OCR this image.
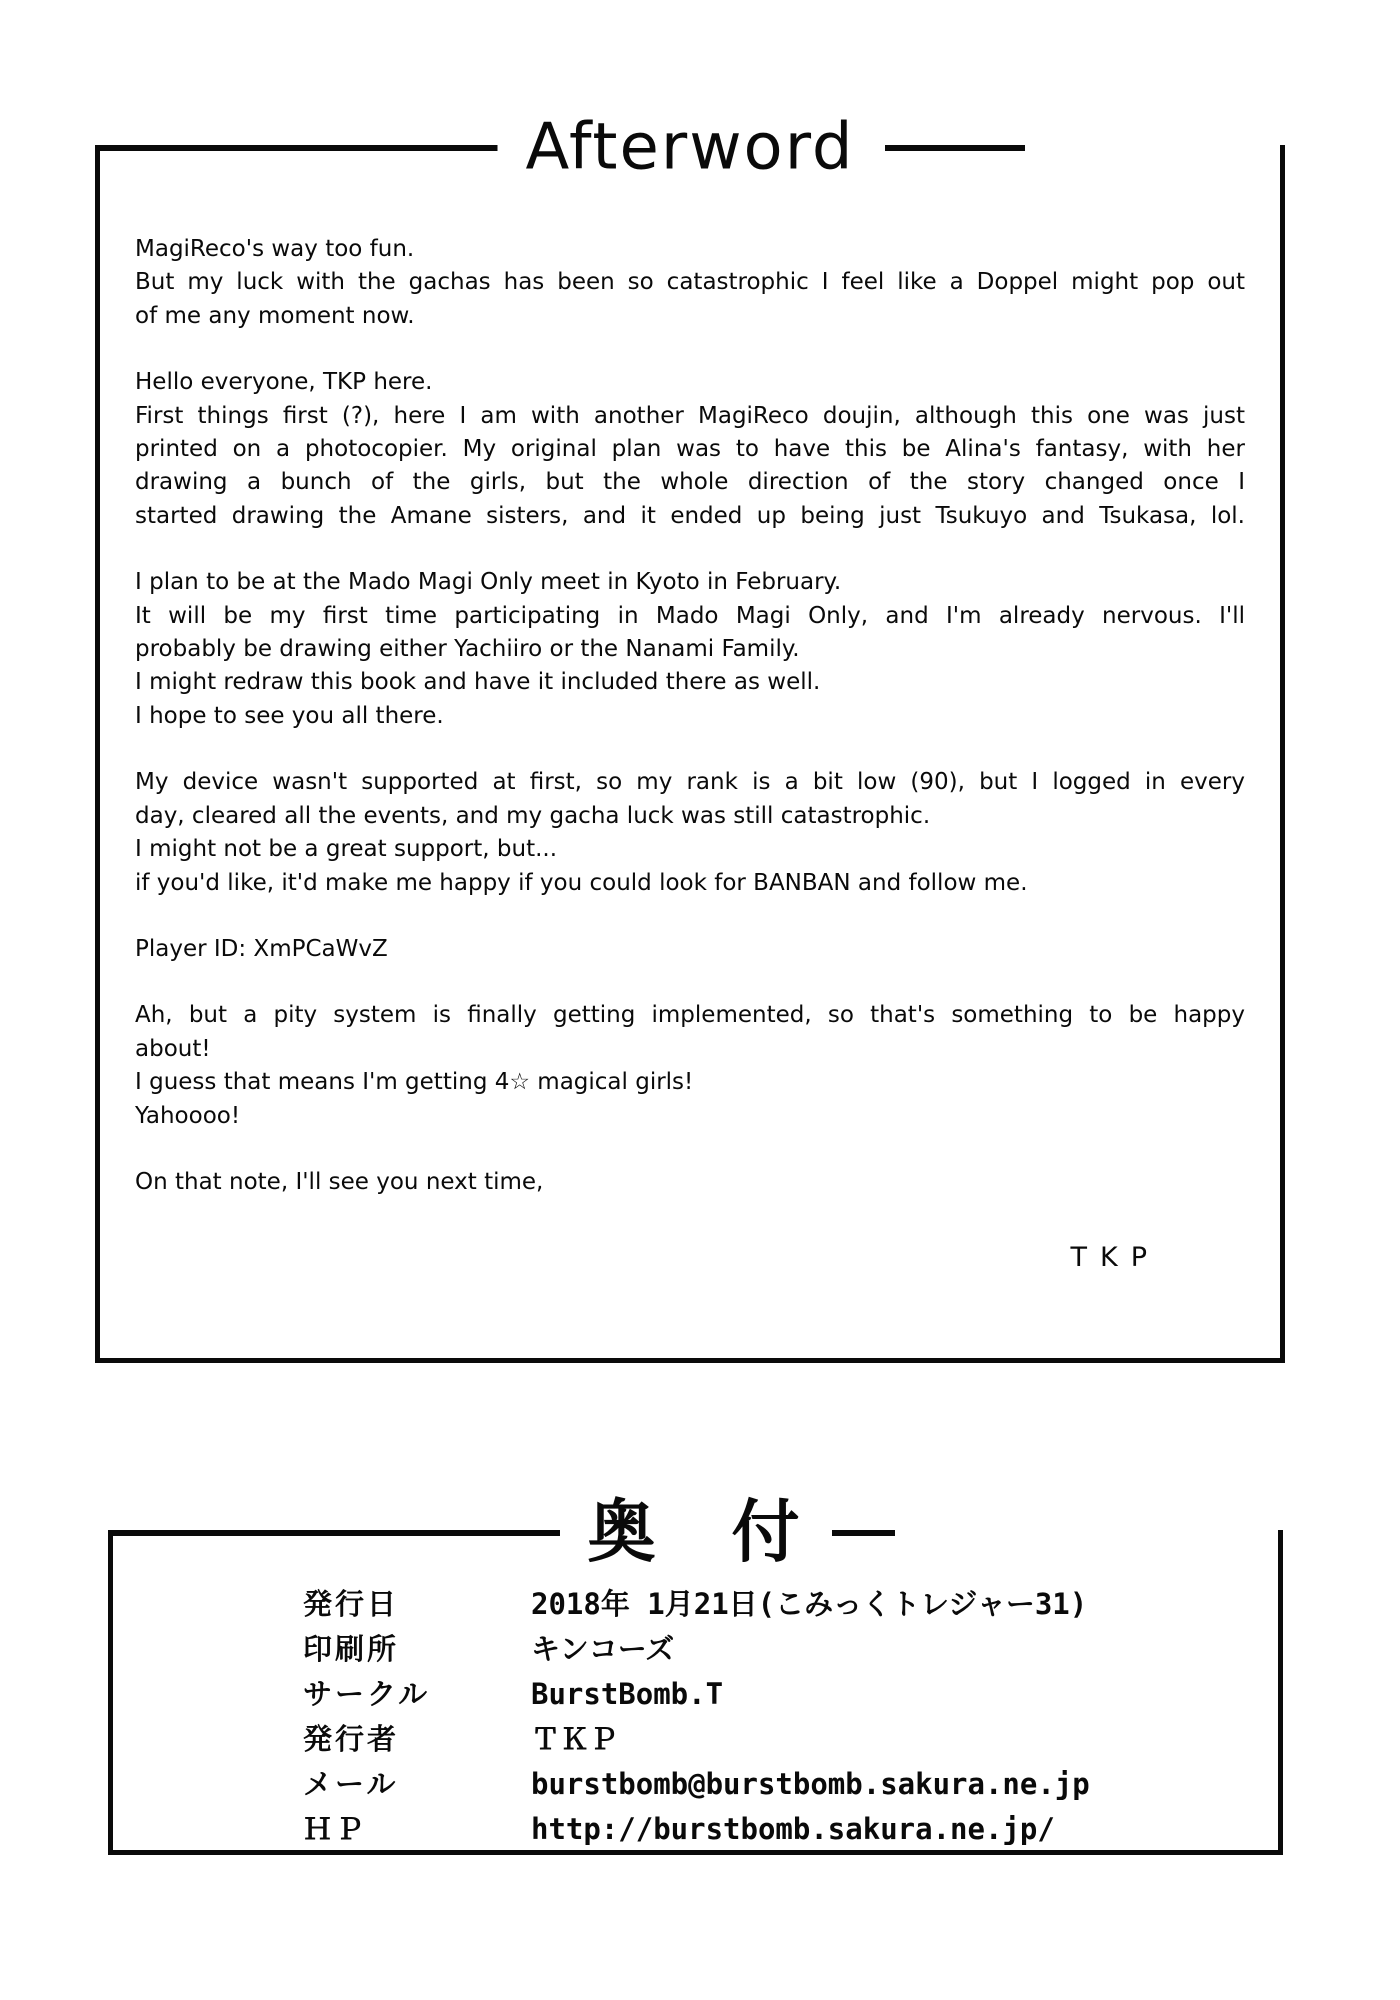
Afterword
MagiReco's way too fun.
But my luck with the gachas has been so catastrophic I feel like a Doppel might pop out
of me any moment now.
Hello everyone, TKP here.
First things first (?), here I am with another MagiReco doujin, although this one was just
printed on a photocopier. My original plan was to have this be Alina's fantasy, with her
drawing a bunch of the girls, but the whole direction of the story changed once I
started drawing the Amane sisters, and it ended up being just Tsukuyo and Tsukasa, lol.
I plan to be at the Mado Magi Only meet in Kyoto in February.
It will be my first time participating in Mado Magi Only, and I'm already nervous. I'll
probably be drawing either Yachiiro or the Nanami Family.
I might redraw this book and have it included there as well.
I hope to see you all there.
My device wasn't supported at first, so my rank is a bit low (90), but I logged in every
day, cleared all the events, and my gacha luck was still catastrophic.
I might not be a great support, but...
if you'd like, it'd make me happy if you could look for BANBAN and follow me.
Player ID: XmPCaWvZ
Ah, but a pity system is finally getting implemented, so that's something to be happy
about!
I guess that means I'm getting 4☆ magical girls!
Yahoooo!
On that note, I'll see you next time,
TKP
奥　付
発行日	2018年 1月21日(こみっくトレジャー31)
印刷所	キンコーズ
サークル	BurstBomb.T
発行者	ＴＫＰ
メール	burstbomb@burstbomb.sakura.ne.jp
ＨＰ	http://burstbomb.sakura.ne.jp/
